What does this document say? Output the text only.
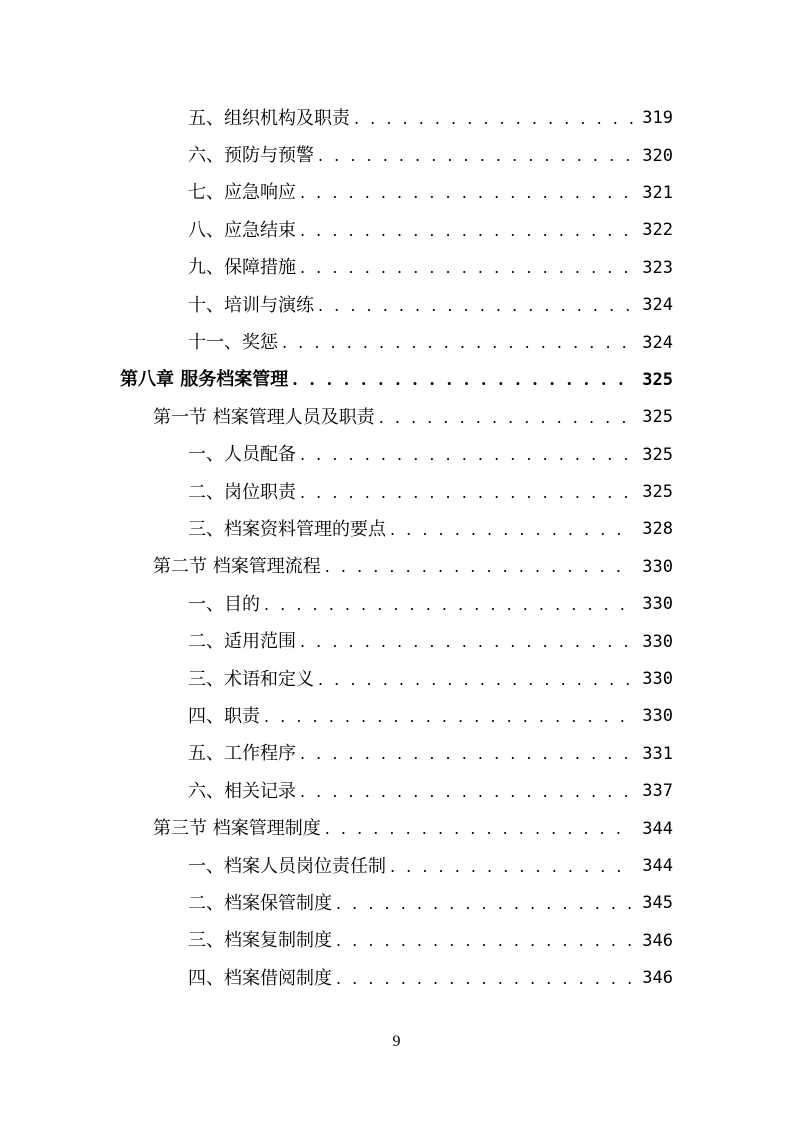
五、组织机构及职责 . . .	319
六、预防与预警 . . .	320
七、应急响应 . . .	321
八、应急结束 . . .	322
九、保障措施 . . .	323
十、培训与演练 . . .	324
十一、奖惩 . . .	324
第八章 服务档案管理 . . .	325
第一节 档案管理人员及职责 . . .	325
一、人员配备 . . .	325
二、岗位职责 . . .	325
三、档案资料管理的要点 . . .	328
第二节 档案管理流程 . . .	330
一、目的 . . .	330
二、适用范围 . . .	330
三、术语和定义 . . .	330
四、职责 . . .	330
五、工作程序 . . .	331
六、相关记录 . . .	337
第三节 档案管理制度 . . .	344
一、档案人员岗位责任制 . . .	344
二、档案保管制度 . . .	345
三、档案复制制度 . . .	346
四、档案借阅制度 . . .	346
9
